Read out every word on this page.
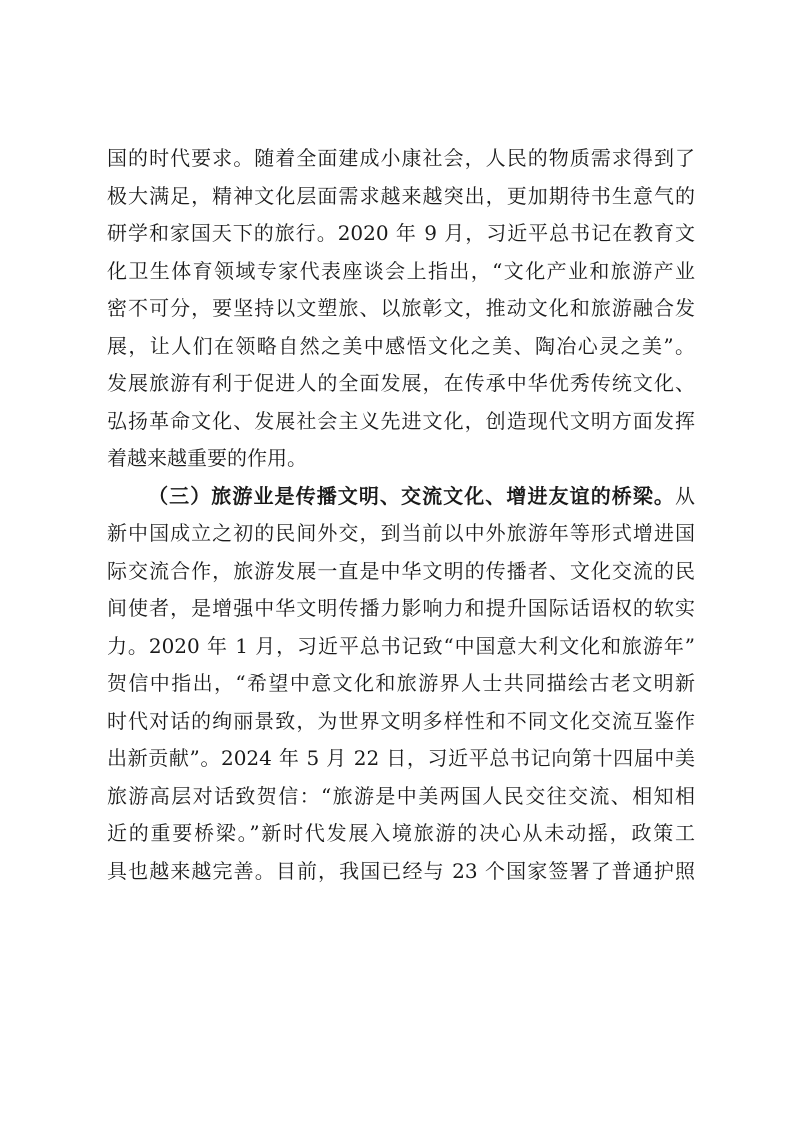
国的时代要求。随着全面建成小康社会，人民的物质需求得到了
极大满足，精神文化层面需求越来越突出，更加期待书生意气的
研学和家国天下的旅行。2020 年 9 月，习近平总书记在教育文
化卫生体育领域专家代表座谈会上指出，“文化产业和旅游产业
密不可分，要坚持以文塑旅、以旅彰文，推动文化和旅游融合发
展，让人们在领略自然之美中感悟文化之美、陶冶心灵之美”。
发展旅游有利于促进人的全面发展，在传承中华优秀传统文化、
弘扬革命文化、发展社会主义先进文化，创造现代文明方面发挥
着越来越重要的作用。
（三）旅游业是传播文明、交流文化、增进友谊的桥梁。从
新中国成立之初的民间外交，到当前以中外旅游年等形式增进国
际交流合作，旅游发展一直是中华文明的传播者、文化交流的民
间使者，是增强中华文明传播力影响力和提升国际话语权的软实
力。2020 年 1 月，习近平总书记致“中国意大利文化和旅游年”
贺信中指出，“希望中意文化和旅游界人士共同描绘古老文明新
时代对话的绚丽景致，为世界文明多样性和不同文化交流互鉴作
出新贡献”。2024 年 5 月 22 日，习近平总书记向第十四届中美
旅游高层对话致贺信：“旅游是中美两国人民交往交流、相知相
近的重要桥梁。”新时代发展入境旅游的决心从未动摇，政策工
具也越来越完善。目前，我国已经与 23 个国家签署了普通护照
